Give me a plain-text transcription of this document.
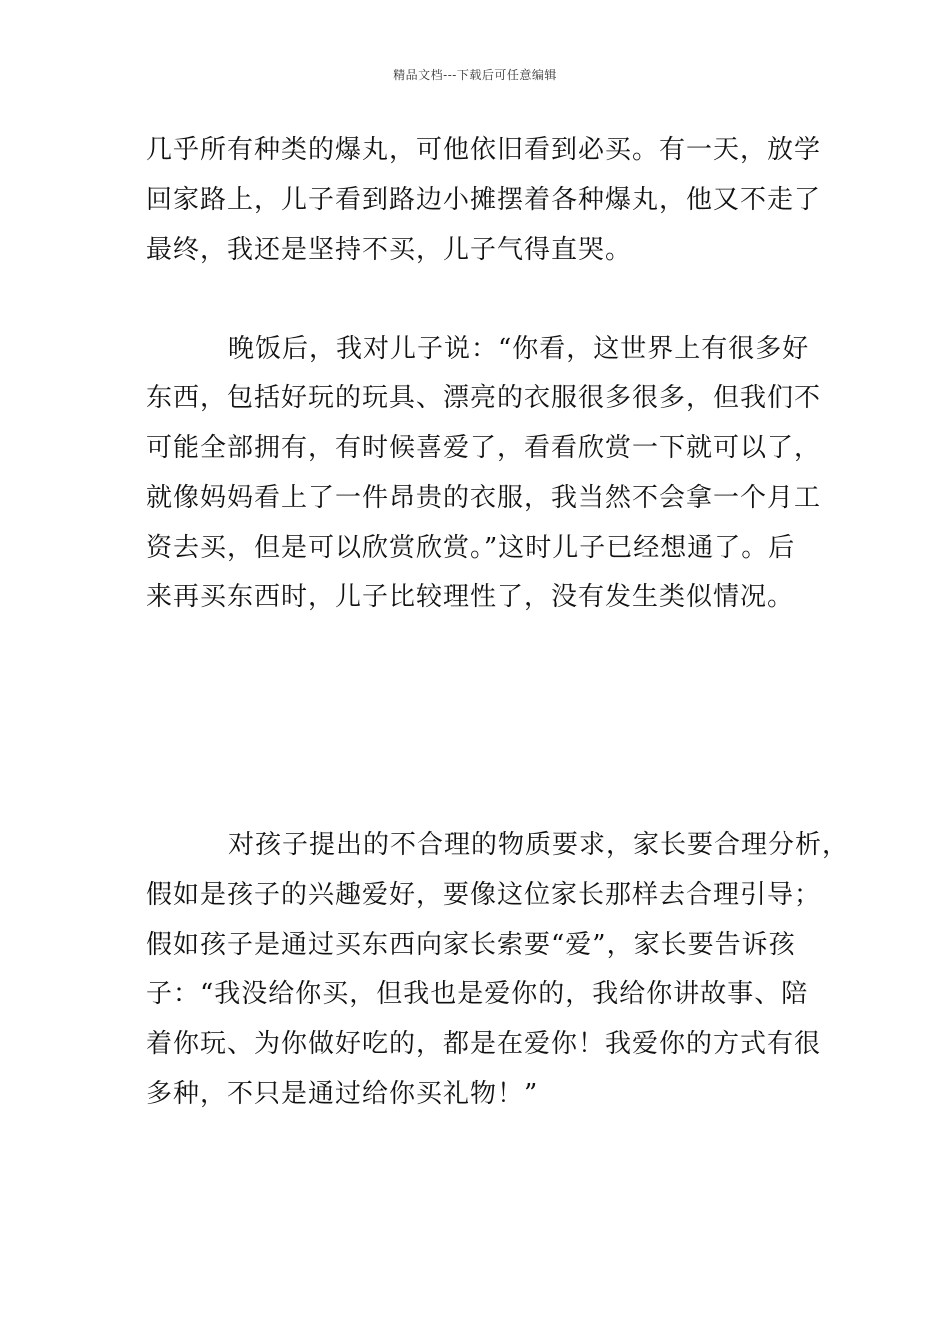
精品文档---下载后可任意编辑
几乎所有种类的爆丸，可他依旧看到必买。有一天，放学
回家路上，儿子看到路边小摊摆着各种爆丸，他又不走了
最终，我还是坚持不买，儿子气得直哭。
晚饭后，我对儿子说：“你看，这世界上有很多好
东西，包括好玩的玩具、漂亮的衣服很多很多，但我们不
可能全部拥有，有时候喜爱了，看看欣赏一下就可以了，
就像妈妈看上了一件昂贵的衣服，我当然不会拿一个月工
资去买，但是可以欣赏欣赏。”这时儿子已经想通了。后
来再买东西时，儿子比较理性了，没有发生类似情况。
对孩子提出的不合理的物质要求，家长要合理分析，
假如是孩子的兴趣爱好，要像这位家长那样去合理引导；
假如孩子是通过买东西向家长索要“爱”，家长要告诉孩
子：“我没给你买，但我也是爱你的，我给你讲故事、陪
着你玩、为你做好吃的，都是在爱你！我爱你的方式有很
多种，不只是通过给你买礼物！”
